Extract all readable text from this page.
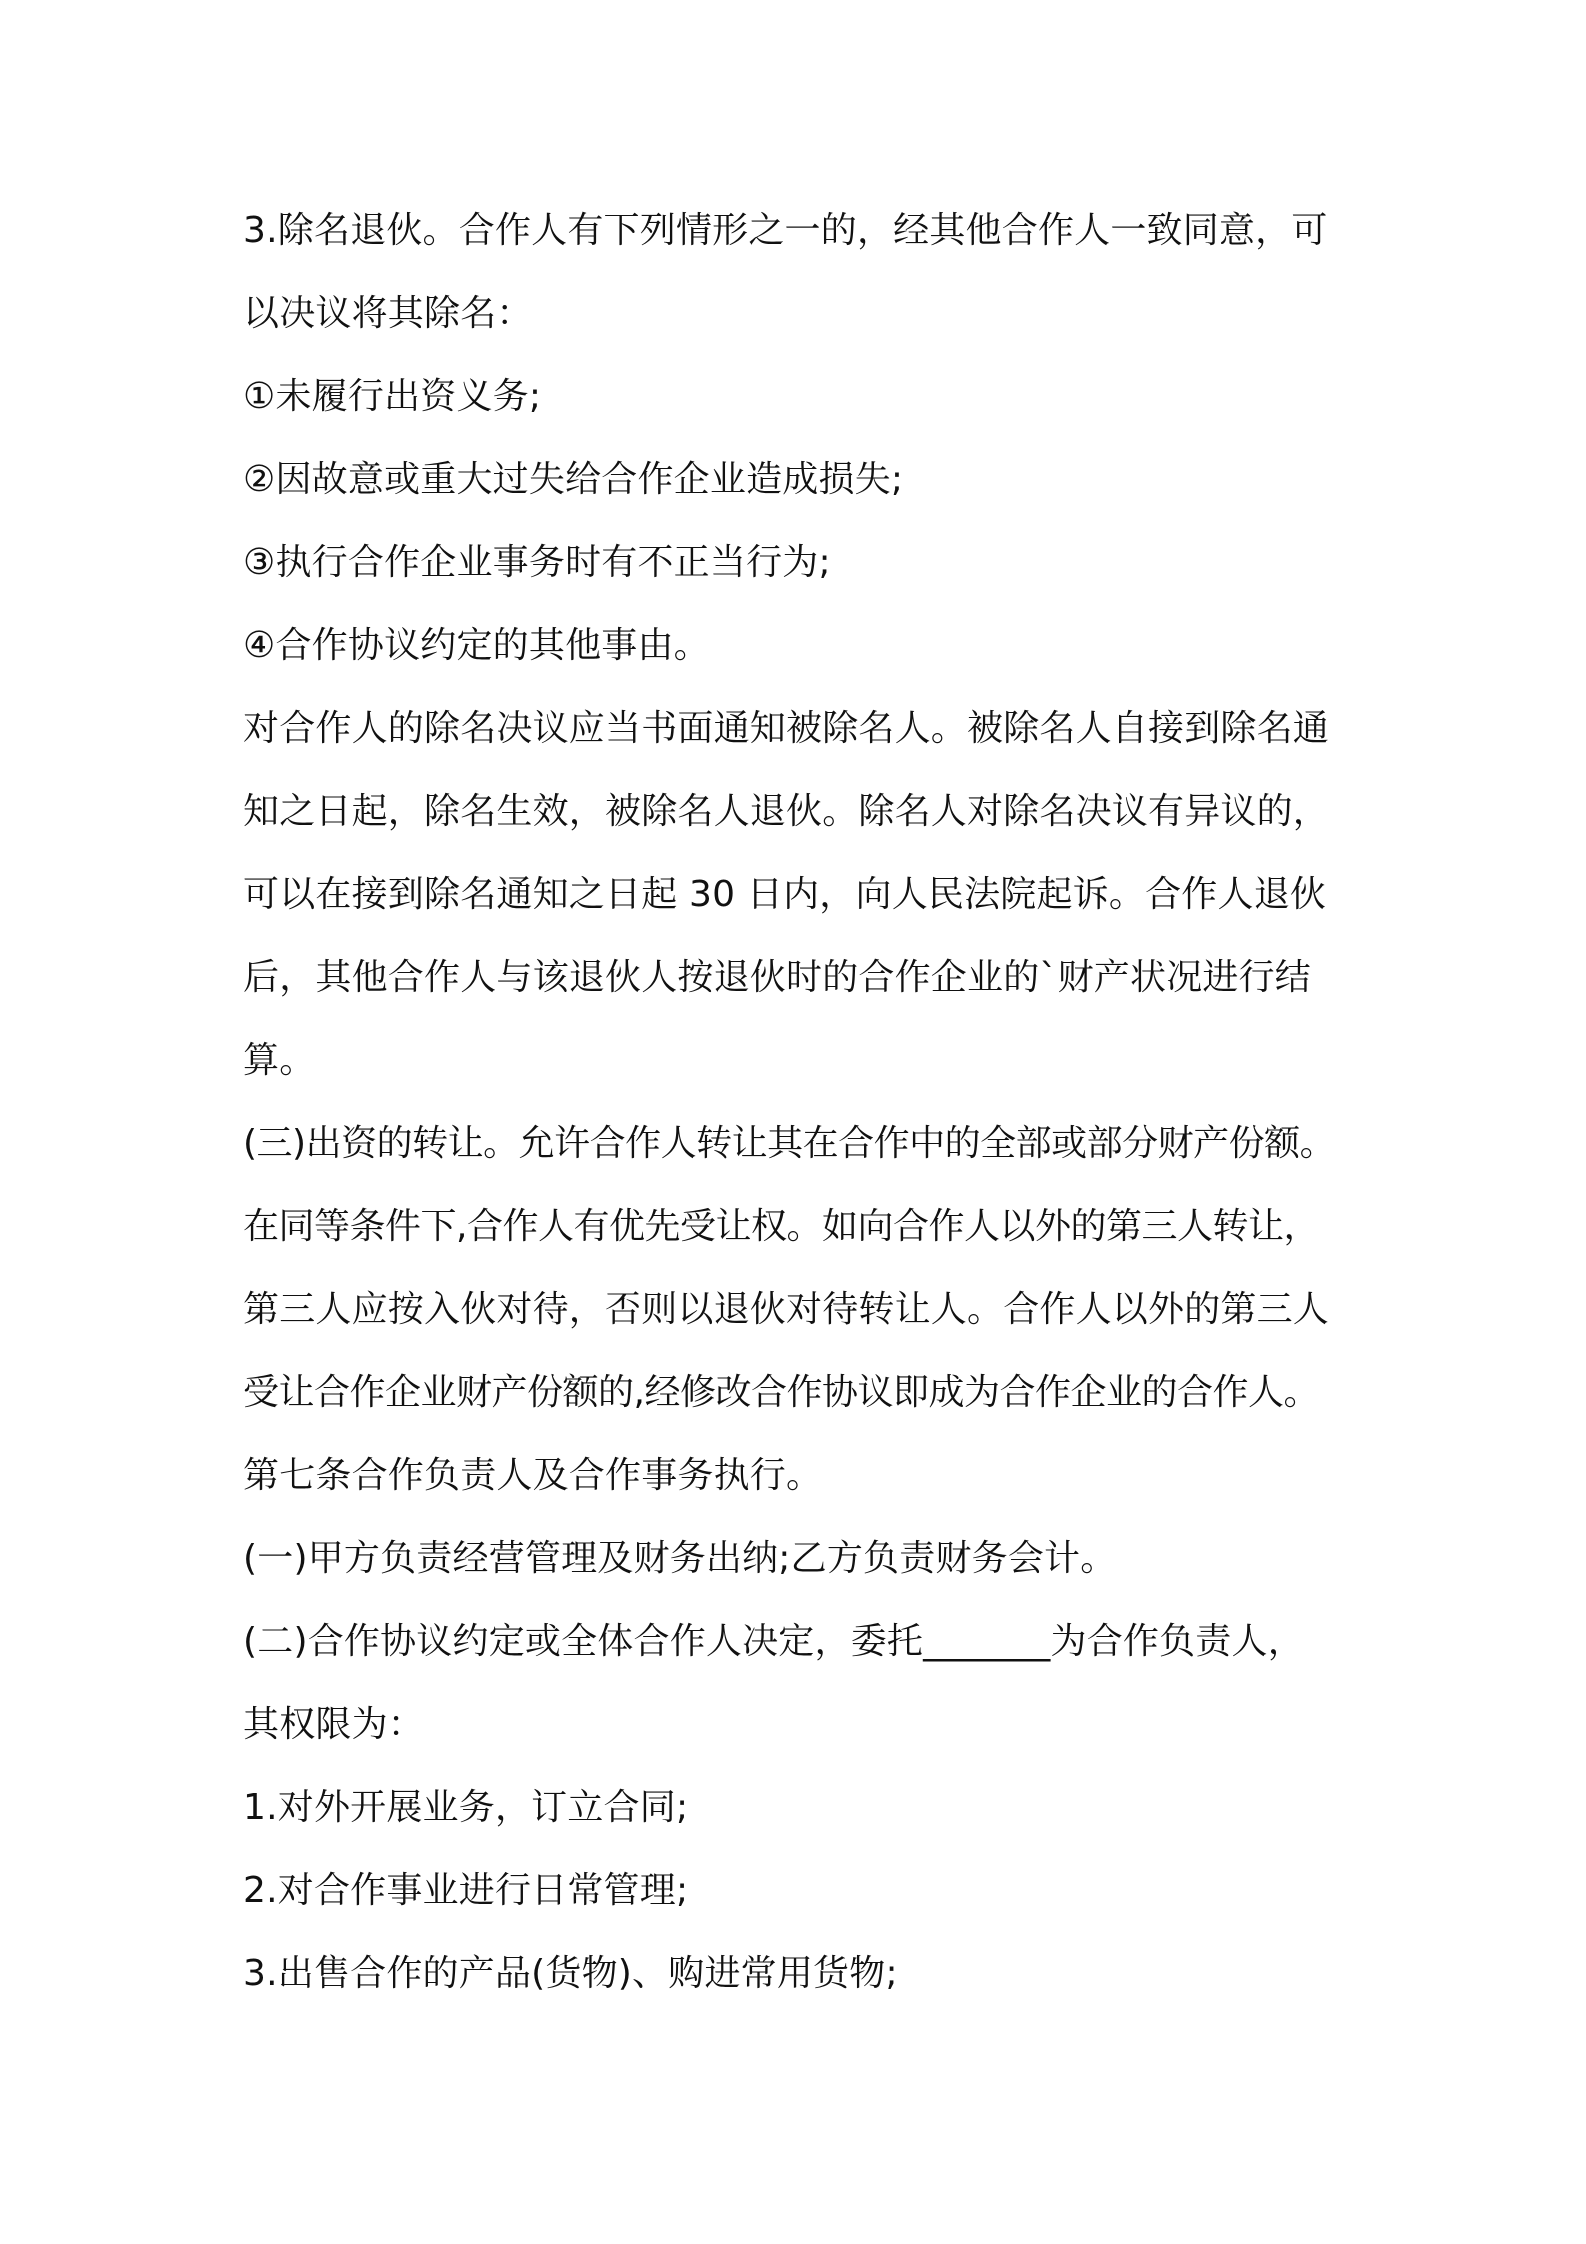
3.除名退伙。合作人有下列情形之一的，经其他合作人一致同意，可
以决议将其除名：
①未履行出资义务;
②因故意或重大过失给合作企业造成损失;
③执行合作企业事务时有不正当行为;
④合作协议约定的其他事由。
对合作人的除名决议应当书面通知被除名人。被除名人自接到除名通
知之日起，除名生效，被除名人退伙。除名人对除名决议有异议的，
可以在接到除名通知之日起 30 日内，向人民法院起诉。合作人退伙
后，其他合作人与该退伙人按退伙时的合作企业的`财产状况进行结
算。
(三)出资的转让。允许合作人转让其在合作中的全部或部分财产份额。
在同等条件下,合作人有优先受让权。如向合作人以外的第三人转让，
第三人应按入伙对待，否则以退伙对待转让人。合作人以外的第三人
受让合作企业财产份额的,经修改合作协议即成为合作企业的合作人。
第七条合作负责人及合作事务执行。
(一)甲方负责经营管理及财务出纳;乙方负责财务会计。
(二)合作协议约定或全体合作人决定，委托_______为合作负责人，
其权限为：
1.对外开展业务，订立合同;
2.对合作事业进行日常管理;
3.出售合作的产品(货物)、购进常用货物;
